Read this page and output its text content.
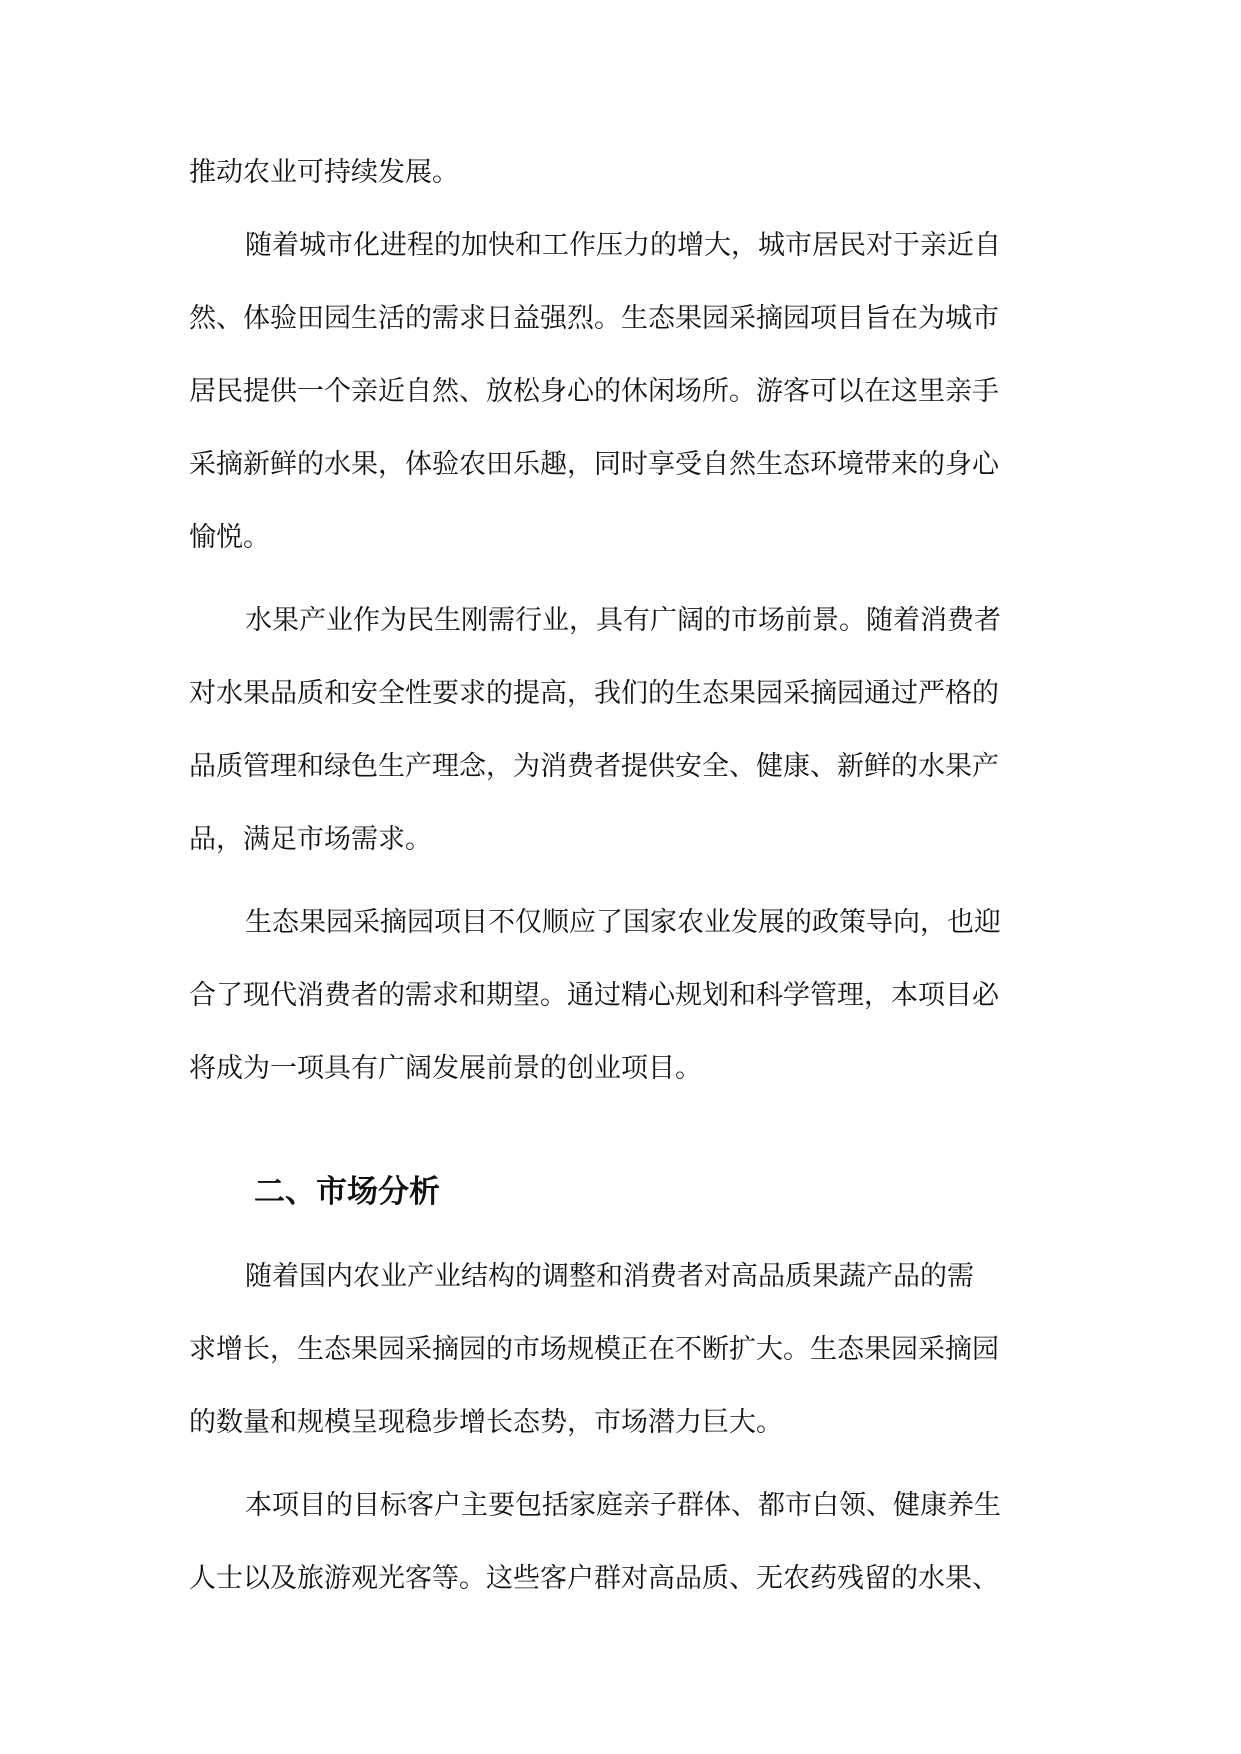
推动农业可持续发展。
随着城市化进程的加快和工作压力的增大，城市居民对于亲近自
然、体验田园生活的需求日益强烈。生态果园采摘园项目旨在为城市
居民提供一个亲近自然、放松身心的休闲场所。游客可以在这里亲手
采摘新鲜的水果，体验农田乐趣，同时享受自然生态环境带来的身心
愉悦。
水果产业作为民生刚需行业，具有广阔的市场前景。随着消费者
对水果品质和安全性要求的提高，我们的生态果园采摘园通过严格的
品质管理和绿色生产理念，为消费者提供安全、健康、新鲜的水果产
品，满足市场需求。
生态果园采摘园项目不仅顺应了国家农业发展的政策导向，也迎
合了现代消费者的需求和期望。通过精心规划和科学管理，本项目必
将成为一项具有广阔发展前景的创业项目。
二、市场分析
随着国内农业产业结构的调整和消费者对高品质果蔬产品的需
求增长，生态果园采摘园的市场规模正在不断扩大。生态果园采摘园
的数量和规模呈现稳步增长态势，市场潜力巨大。
本项目的目标客户主要包括家庭亲子群体、都市白领、健康养生
人士以及旅游观光客等。这些客户群对高品质、无农药残留的水果、
